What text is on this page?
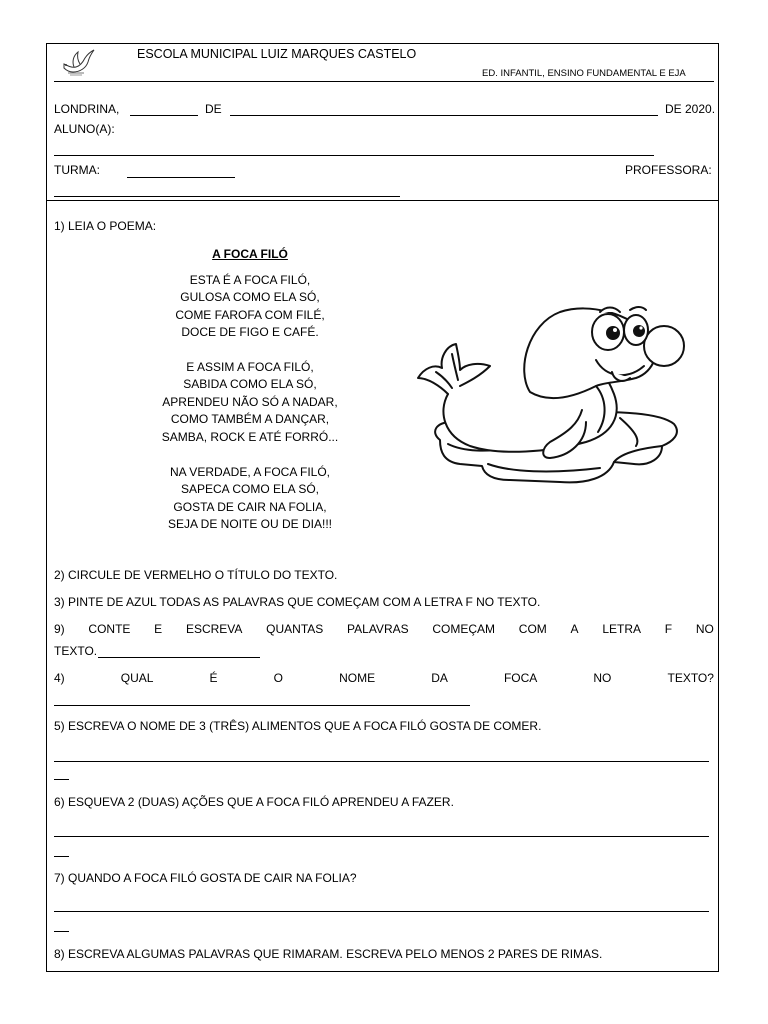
ESCOLA MUNICIPAL LUIZ MARQUES CASTELO
ED. INFANTIL, ENSINO FUNDAMENTAL E EJA
LONDRINA,	DE	DE 2020.
ALUNO(A):
TURMA:	PROFESSORA:
1) LEIA O POEMA:
A FOCA FILÓ
ESTA É A FOCA FILÓ,
GULOSA COMO ELA SÓ,
COME FAROFA COM FILÉ,
DOCE DE FIGO E CAFÉ.
E ASSIM A FOCA FILÓ,
SABIDA COMO ELA SÓ,
APRENDEU NÃO SÓ A NADAR,
COMO TAMBÉM A DANÇAR,
SAMBA, ROCK E ATÉ FORRÓ...
NA VERDADE, A FOCA FILÓ,
SAPECA COMO ELA SÓ,
GOSTA DE CAIR NA FOLIA,
SEJA DE NOITE OU DE DIA!!!
2) CIRCULE DE VERMELHO O TÍTULO DO TEXTO.
3) PINTE DE AZUL TODAS AS PALAVRAS QUE COMEÇAM COM A LETRA F NO TEXTO.
9) CONTE E ESCREVA QUANTAS PALAVRAS COMEÇAM COM A LETRA F NO
TEXTO.
4)	QUAL	É	O	NOME	DA	FOCA	NO	TEXTO?
5) ESCREVA O NOME DE 3 (TRÊS) ALIMENTOS QUE A FOCA FILÓ GOSTA DE COMER.
6) ESQUEVA 2 (DUAS) AÇÕES QUE A FOCA FILÓ APRENDEU A FAZER.
7) QUANDO A FOCA FILÓ GOSTA DE CAIR NA FOLIA?
8) ESCREVA ALGUMAS PALAVRAS QUE RIMARAM. ESCREVA PELO MENOS 2 PARES DE RIMAS.
